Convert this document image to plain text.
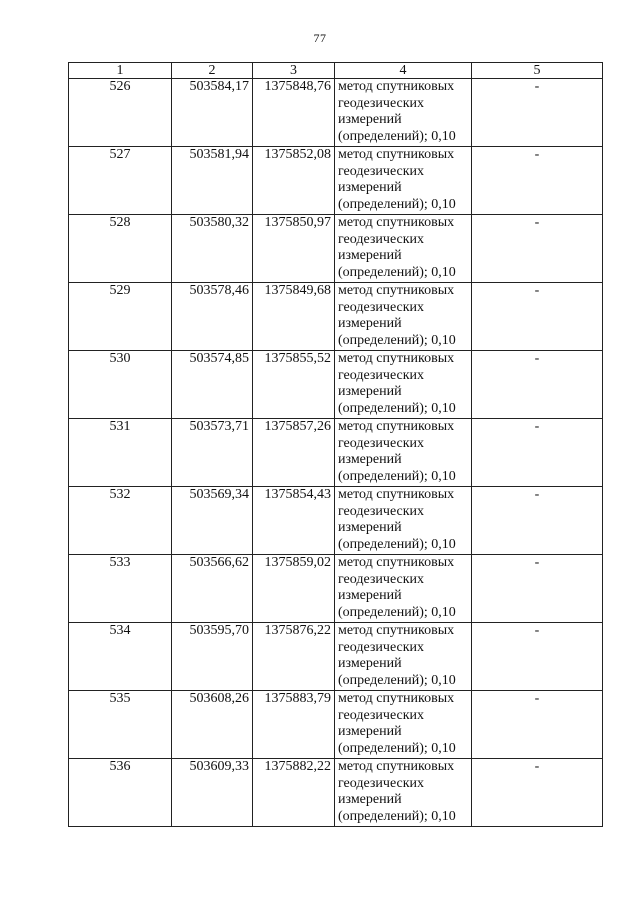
77
1	2	3	4	5
526	503584,17	1375848,76	метод спутниковых геодезических измерений (определений); 0,10	-
527	503581,94	1375852,08	метод спутниковых геодезических измерений (определений); 0,10	-
528	503580,32	1375850,97	метод спутниковых геодезических измерений (определений); 0,10	-
529	503578,46	1375849,68	метод спутниковых геодезических измерений (определений); 0,10	-
530	503574,85	1375855,52	метод спутниковых геодезических измерений (определений); 0,10	-
531	503573,71	1375857,26	метод спутниковых геодезических измерений (определений); 0,10	-
532	503569,34	1375854,43	метод спутниковых геодезических измерений (определений); 0,10	-
533	503566,62	1375859,02	метод спутниковых геодезических измерений (определений); 0,10	-
534	503595,70	1375876,22	метод спутниковых геодезических измерений (определений); 0,10	-
535	503608,26	1375883,79	метод спутниковых геодезических измерений (определений); 0,10	-
536	503609,33	1375882,22	метод спутниковых геодезических измерений (определений); 0,10	-
